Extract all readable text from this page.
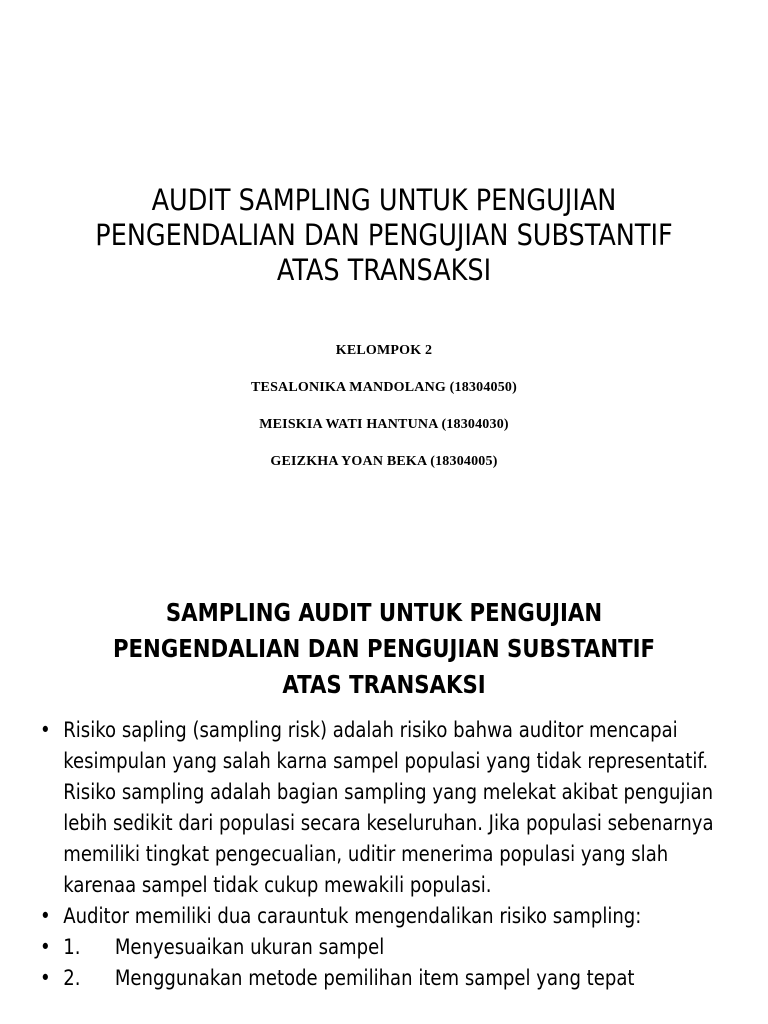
AUDIT SAMPLING UNTUK PENGUJIAN PENGENDALIAN DAN PENGUJIAN SUBSTANTIF ATAS TRANSAKSI
KELOMPOK 2
TESALONIKA MANDOLANG (18304050)
MEISKIA WATI HANTUNA (18304030)
GEIZKHA YOAN BEKA (18304005)
SAMPLING AUDIT UNTUK PENGUJIAN PENGENDALIAN DAN PENGUJIAN SUBSTANTIF ATAS TRANSAKSI
• Risiko sapling (sampling risk) adalah risiko bahwa auditor mencapai kesimpulan yang salah karna sampel populasi yang tidak representatif. Risiko sampling adalah bagian sampling yang melekat akibat pengujian lebih sedikit dari populasi secara keseluruhan. Jika populasi sebenarnya memiliki tingkat pengecualian, uditir menerima populasi yang slah karenaa sampel tidak cukup mewakili populasi.
• Auditor memiliki dua carauntuk mengendalikan risiko sampling:
• 1. Menyesuaikan ukuran sampel
• 2. Menggunakan metode pemilihan item sampel yang tepat
